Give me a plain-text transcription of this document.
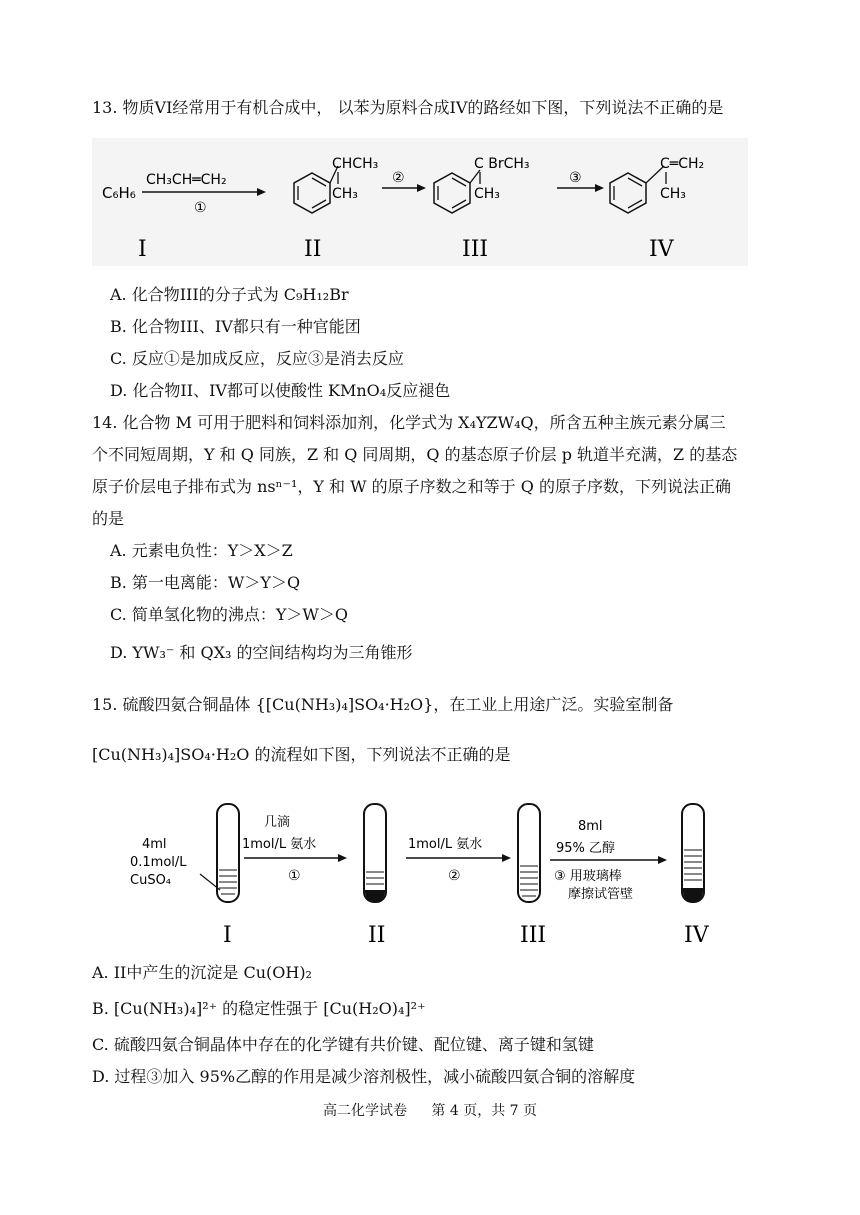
13. 物质VI经常用于有机合成中， 以苯为原料合成IV的路经如下图，下列说法不正确的是
C₆H₆
CH₃CH═CH₂
①
CHCH₃
CH₃
②
C BrCH₃
CH₃
③
C═CH₂
CH₃
I	II	III	IV
A. 化合物III的分子式为 C₉H₁₂Br
B. 化合物III、IV都只有一种官能团
C. 反应①是加成反应，反应③是消去反应
D. 化合物II、IV都可以使酸性 KMnO₄反应褪色
14. 化合物 M 可用于肥料和饲料添加剂，化学式为 X₄YZW₄Q，所含五种主族元素分属三
个不同短周期，Y 和 Q 同族，Z 和 Q 同周期，Q 的基态原子价层 p 轨道半充满，Z 的基态
原子价层电子排布式为 nsⁿ⁻¹，Y 和 W 的原子序数之和等于 Q 的原子序数，下列说法正确
的是
A. 元素电负性：Y＞X＞Z
B. 第一电离能：W＞Y＞Q
C. 简单氢化物的沸点：Y＞W＞Q
D. YW₃⁻ 和 QX₃ 的空间结构均为三角锥形
15. 硫酸四氨合铜晶体 {[Cu(NH₃)₄]SO₄·H₂O}，在工业上用途广泛。实验室制备
[Cu(NH₃)₄]SO₄·H₂O 的流程如下图，下列说法不正确的是
4ml
0.1mol/L
CuSO₄
几滴
1mol/L 氨水
①
1mol/L 氨水
②
8ml
95% 乙醇
③ 用玻璃棒
摩擦试管壁
I	II	III	IV
A. II中产生的沉淀是 Cu(OH)₂
B. [Cu(NH₃)₄]²⁺ 的稳定性强于 [Cu(H₂O)₄]²⁺
C. 硫酸四氨合铜晶体中存在的化学键有共价键、配位键、离子键和氢键
D. 过程③加入 95%乙醇的作用是减少溶剂极性，减小硫酸四氨合铜的溶解度
高二化学试卷 第 4 页，共 7 页
